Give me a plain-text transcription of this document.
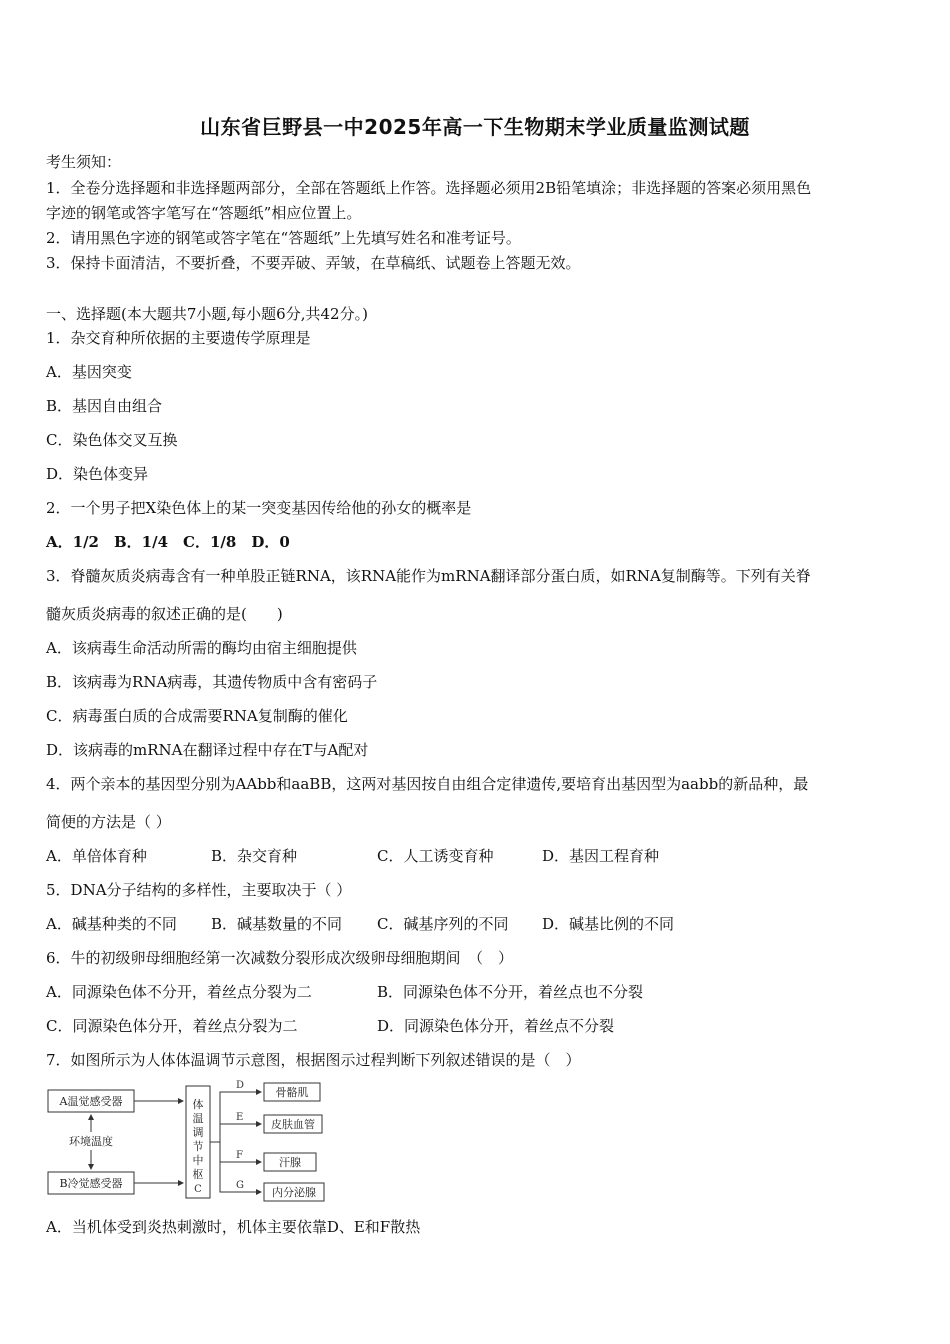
山东省巨野县一中2025年高一下生物期末学业质量监测试题
考生须知：
1．全卷分选择题和非选择题两部分，全部在答题纸上作答。选择题必须用2B铅笔填涂；非选择题的答案必须用黑色
字迹的钢笔或答字笔写在“答题纸”相应位置上。
2．请用黑色字迹的钢笔或答字笔在“答题纸”上先填写姓名和准考证号。
3．保持卡面清洁，不要折叠，不要弄破、弄皱，在草稿纸、试题卷上答题无效。
一、选择题(本大题共7小题,每小题6分,共42分。)
1．杂交育种所依据的主要遗传学原理是
A．基因突变
B．基因自由组合
C．染色体交叉互换
D．染色体变异
2．一个男子把X染色体上的某一突变基因传给他的孙女的概率是
A．1/2　B．1/4　C．1/8　D．0
3．脊髓灰质炎病毒含有一种单股正链RNA，该RNA能作为mRNA翻译部分蛋白质，如RNA复制酶等。下列有关脊
髓灰质炎病毒的叙述正确的是(　　)
A．该病毒生命活动所需的酶均由宿主细胞提供
B．该病毒为RNA病毒，其遗传物质中含有密码子
C．病毒蛋白质的合成需要RNA复制酶的催化
D．该病毒的mRNA在翻译过程中存在T与A配对
4．两个亲本的基因型分别为AAbb和aaBB，这两对基因按自由组合定律遗传,要培育出基因型为aabb的新品种，最
简便的方法是（ ）
A．单倍体育种	B．杂交育种	C．人工诱变育种	D．基因工程育种
5．DNA分子结构的多样性，主要取决于（ ）
A．碱基种类的不同 B．碱基数量的不同 C．碱基序列的不同 D．碱基比例的不同
6．牛的初级卵母细胞经第一次减数分裂形成次级卵母细胞期间　（　）
A．同源染色体不分开，着丝点分裂为二	B．同源染色体不分开，着丝点也不分裂
C．同源染色体分开，着丝点分裂为二	D．同源染色体分开，着丝点不分裂
7．如图所示为人体体温调节示意图，根据图示过程判断下列叙述错误的是（　）
A温觉感受器
B冷觉感受器
环境温度
体
温
调
节
中
枢
C
D
E
F
G
骨骼肌
皮肤血管
汗腺
内分泌腺
A．当机体受到炎热刺激时，机体主要依靠D、E和F散热
